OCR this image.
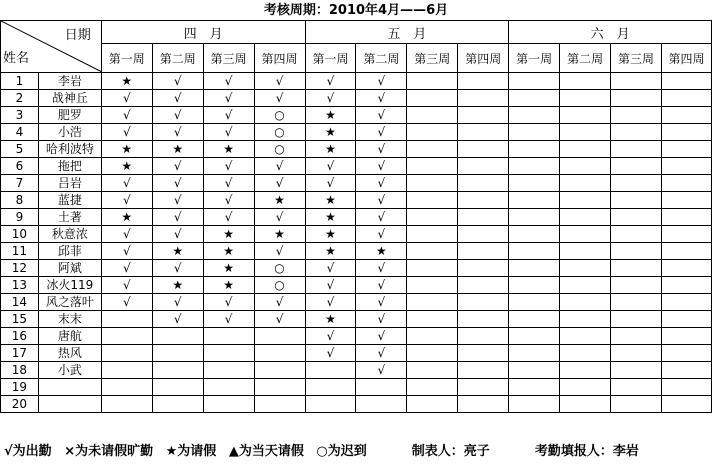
考核周期：2010年4月——6月
日期
姓名		四　月				五　月				六　月			
		第一周	第二周	第三周	第四周	第一周	第二周	第三周	第四周	第一周	第二周	第三周	第四周
1	李岩	★	√	√	√	√	√						
2	战神丘	√	√	√	√	√	√						
3	肥罗	√	√	√	○	★	√						
4	小浩	√	√	√	○	★	√						
5	哈利波特	★	★	★	○	★	√						
6	拖把	★	√	√	√	√	√						
7	吕岩	√	√	√	√	√	√						
8	蓝捷	√	√	√	★	★	√						
9	土著	★	√	√	√	★	√						
10	秋意浓	√	√	★	★	★	√						
11	邱菲	√	★	★	√	★	★						
12	阿斌	√	√	★	○	√	√						
13	冰火119	√	★	★	○	√	√						
14	风之落叶	√	√	√	√	√	√						
15	末末		√	√	√	★	√						
16	唐航					√	√						
17	热风					√	√						
18	小武						√						
19													
20													
√为出勤 ×为未请假旷勤 ★为请假 ▲为当天请假 ○为迟到	制表人：亮子	考勤填报人：李岩
